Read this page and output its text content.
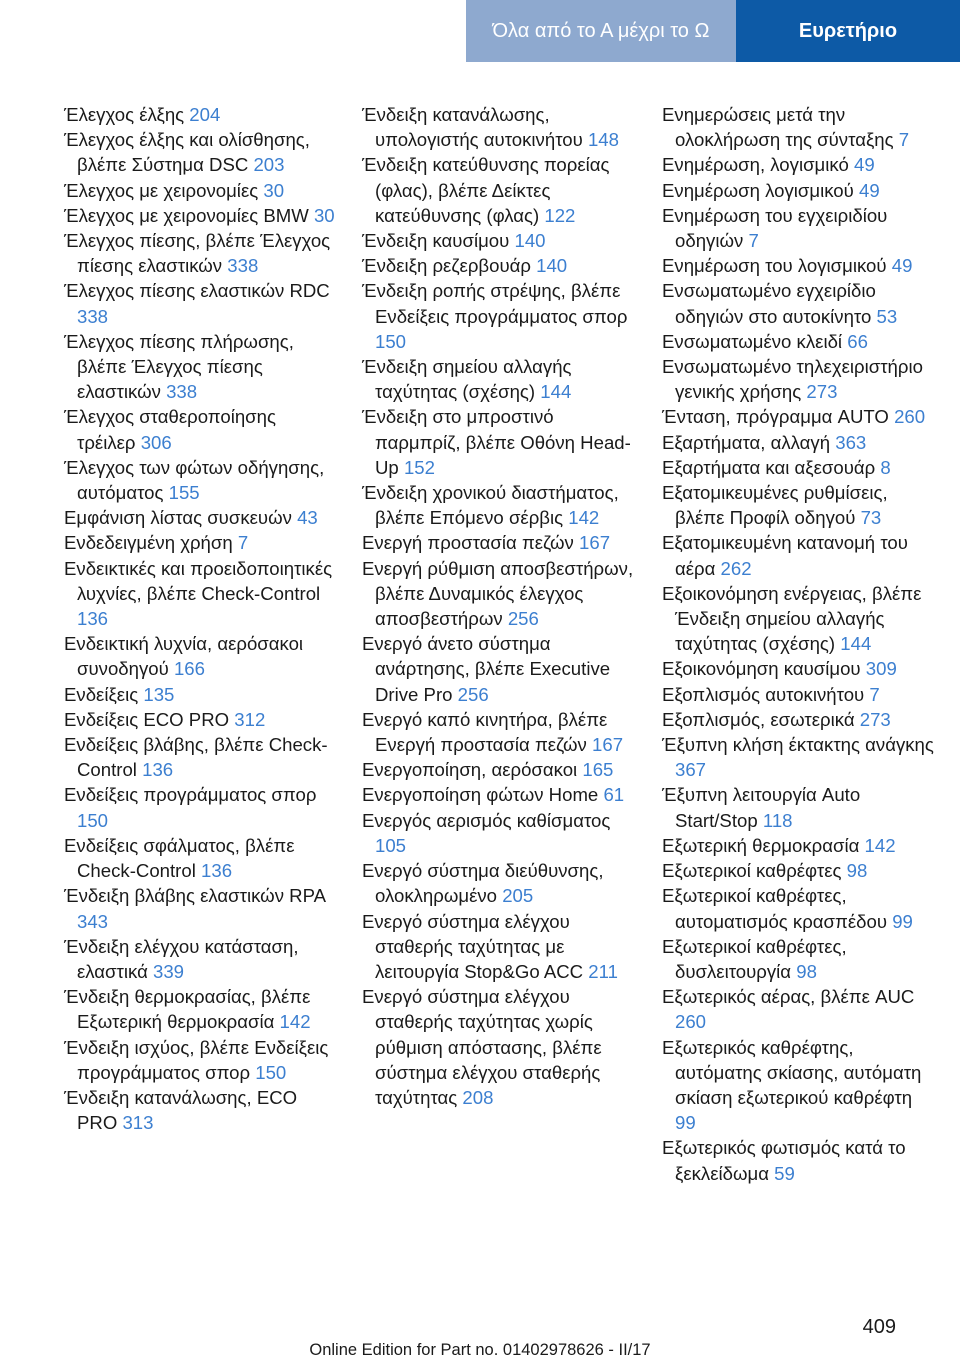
Όλα από το Α μέχρι το Ω	Ευρετήριο

Έλεγχος έλξης 204

Έλεγχος έλξης και ολίσθησης, βλέπε Σύστημα DSC 203

Έλεγχος με χειρονομίες 30

Έλεγχος με χειρονομίες BMW 30

Έλεγχος πίεσης, βλέπε Έλεγχος πίεσης ελαστικών 338

Έλεγχος πίεσης ελαστικών RDC 338

Έλεγχος πίεσης πλήρωσης, βλέπε Έλεγχος πίεσης ελαστικών 338

Έλεγχος σταθεροποίησης τρέιλερ 306

Έλεγχος των φώτων οδήγησης, αυτόματος 155

Εμφάνιση λίστας συσκευών 43

Ενδεδειγμένη χρήση 7

Ενδεικτικές και προειδοποιητικές λυχνίες, βλέπε Check-Control 136

Ενδεικτική λυχνία, αερόσακοι συνοδηγού 166

Ενδείξεις 135

Ενδείξεις ECO PRO 312

Ενδείξεις βλάβης, βλέπε Check-Control 136

Ενδείξεις προγράμματος σπορ 150

Ενδείξεις σφάλματος, βλέπε Check-Control 136

Ένδειξη βλάβης ελαστικών RPA 343

Ένδειξη ελέγχου κατάσταση, ελαστικά 339

Ένδειξη θερμοκρασίας, βλέπε Εξωτερική θερμοκρασία 142

Ένδειξη ισχύος, βλέπε Ενδείξεις προγράμματος σπορ 150

Ένδειξη κατανάλωσης, ECO PRO 313

Ένδειξη κατανάλωσης, υπολογιστής αυτοκινήτου 148

Ένδειξη κατεύθυνσης πορείας (φλας), βλέπε Δείκτες κατεύθυνσης (φλας) 122

Ένδειξη καυσίμου 140

Ένδειξη ρεζερβουάρ 140

Ένδειξη ροπής στρέψης, βλέπε Ενδείξεις προγράμματος σπορ 150

Ένδειξη σημείου αλλαγής ταχύτητας (σχέσης) 144

Ένδειξη στο μπροστινό παρμπρίζ, βλέπε Οθόνη Head-Up 152

Ένδειξη χρονικού διαστήματος, βλέπε Επόμενο σέρβις 142

Ενεργή προστασία πεζών 167

Ενεργή ρύθμιση αποσβεστήρων, βλέπε Δυναμικός έλεγχος αποσβεστήρων 256

Ενεργό άνετο σύστημα ανάρτησης, βλέπε Executive Drive Pro 256

Ενεργό καπό κινητήρα, βλέπε Ενεργή προστασία πεζών 167

Ενεργοποίηση, αερόσακοι 165

Ενεργοποίηση φώτων Home 61

Ενεργός αερισμός καθίσματος 105

Ενεργό σύστημα διεύθυνσης, ολοκληρωμένο 205

Ενεργό σύστημα ελέγχου σταθερής ταχύτητας με λειτουργία Stop&Go ACC 211

Ενεργό σύστημα ελέγχου σταθερής ταχύτητας χωρίς ρύθμιση απόστασης, βλέπε σύστημα ελέγχου σταθερής ταχύτητας 208

Ενημερώσεις μετά την ολοκλήρωση της σύνταξης 7

Ενημέρωση, λογισμικό 49

Ενημέρωση λογισμικού 49

Ενημέρωση του εγχειριδίου οδηγιών 7

Ενημέρωση του λογισμικού 49

Ενσωματωμένο εγχειρίδιο οδηγιών στο αυτοκίνητο 53

Ενσωματωμένο κλειδί 66

Ενσωματωμένο τηλεχειριστήριο γενικής χρήσης 273

Ένταση, πρόγραμμα AUTO 260

Εξαρτήματα, αλλαγή 363

Εξαρτήματα και αξεσουάρ 8

Εξατομικευμένες ρυθμίσεις, βλέπε Προφίλ οδηγού 73

Εξατομικευμένη κατανομή του αέρα 262

Εξοικονόμηση ενέργειας, βλέπε Ένδειξη σημείου αλλαγής ταχύτητας (σχέσης) 144

Εξοικονόμηση καυσίμου 309

Εξοπλισμός αυτοκινήτου 7

Εξοπλισμός, εσωτερικά 273

Έξυπνη κλήση έκτακτης ανάγκης 367

Έξυπνη λειτουργία Auto Start/Stop 118

Εξωτερική θερμοκρασία 142

Εξωτερικοί καθρέφτες 98

Εξωτερικοί καθρέφτες, αυτοματισμός κρασπέδου 99

Εξωτερικοί καθρέφτες, δυσλειτουργία 98

Εξωτερικός αέρας, βλέπε AUC 260

Εξωτερικός καθρέφτης, αυτόματης σκίασης, αυτόματη σκίαση εξωτερικού καθρέφτη 99

Εξωτερικός φωτισμός κατά το ξεκλείδωμα 59

409
Online Edition for Part no. 01402978626 - II/17
